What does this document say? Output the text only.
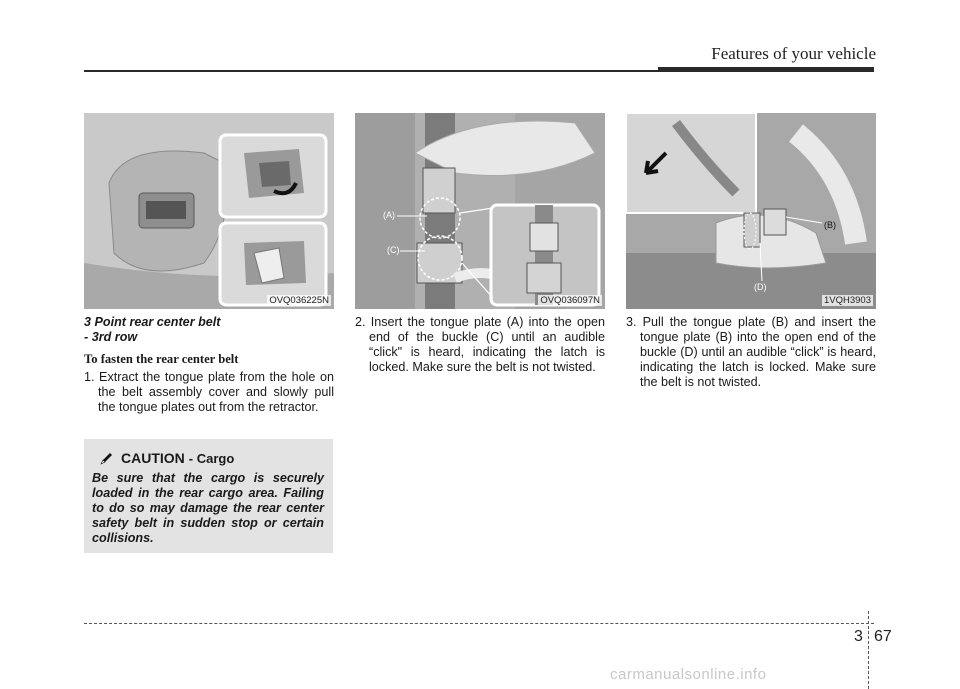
Features of your vehicle
OVQ036225N
(A)
(C)
OVQ036097N
(B)
(D)
1VQH3903
3 Point rear center belt
- 3rd row
To fasten the rear center belt

1. Extract the tongue plate from the hole on the belt assembly cover and slowly pull the tongue plates out from the retractor.

2. Insert the tongue plate (A) into the open end of the buckle (C) until an audible “click" is heard, indicating the latch is locked. Make sure the belt is not twisted.

3. Pull the tongue plate (B) and insert the tongue plate (B) into the open end of the buckle (D) until an audible “click” is heard, indicating the latch is locked. Make sure the belt is not twisted.

CAUTION - Cargo
Be sure that the cargo is securely loaded in the rear cargo area. Failing to do so may damage the rear center safety belt in sudden stop or certain collisions.
3 67
carmanualsonline.info
